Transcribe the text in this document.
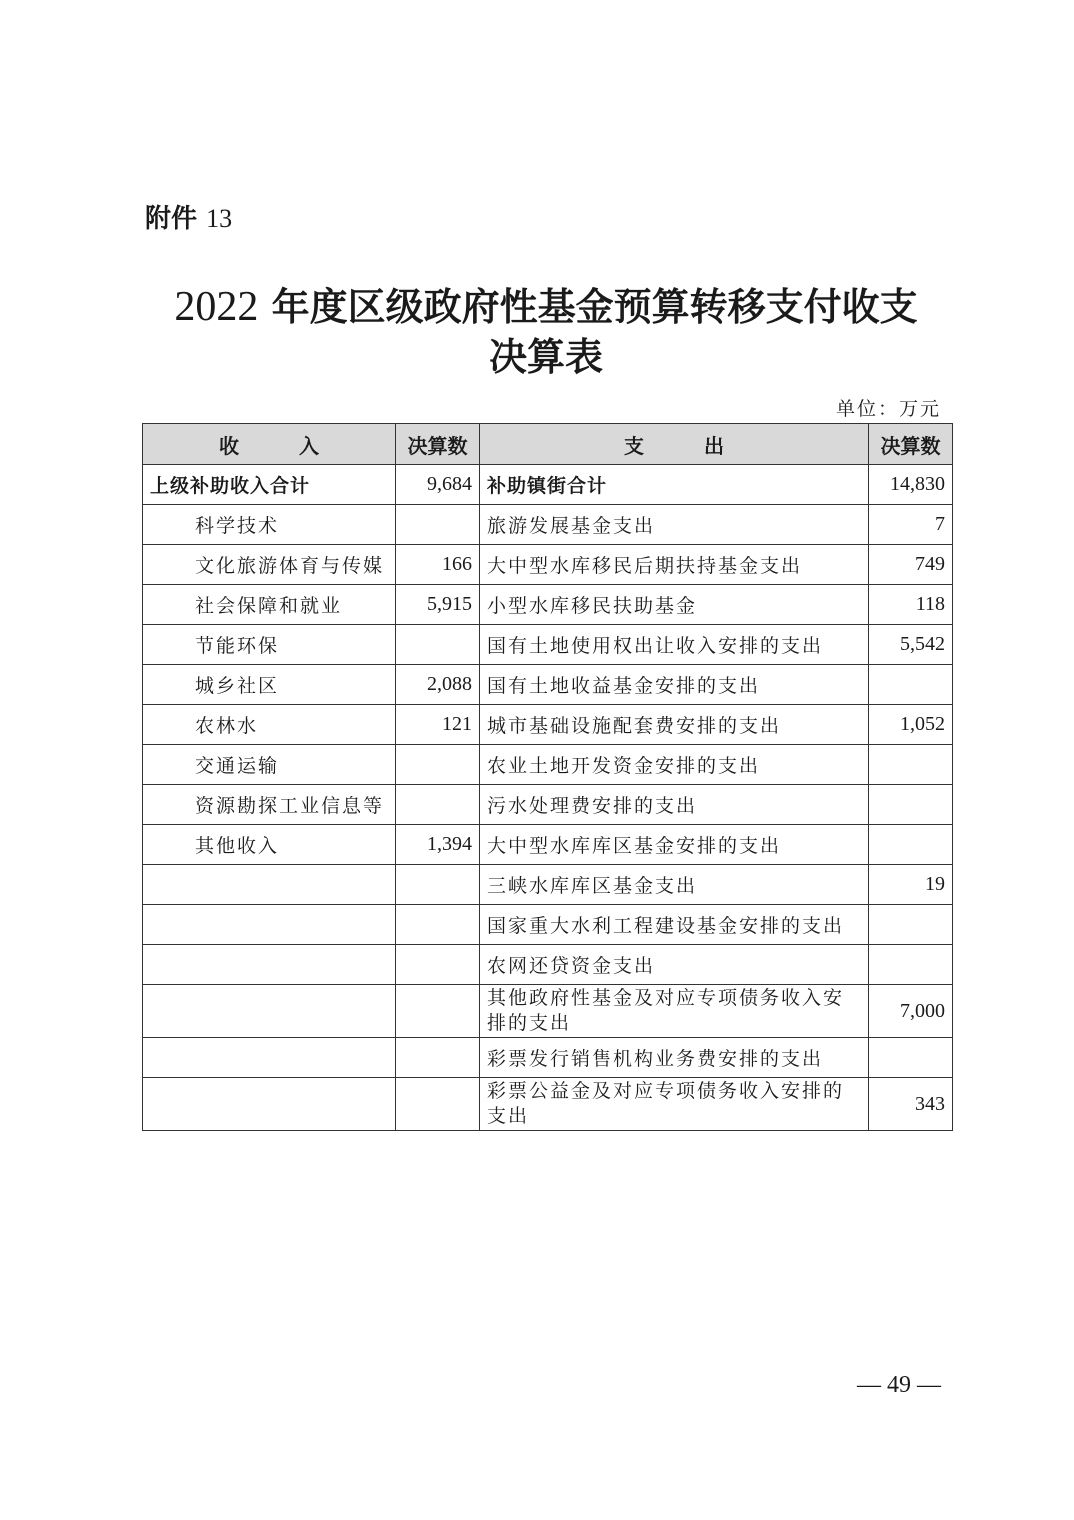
附件 13
2022 年度区级政府性基金预算转移支付收支
决算表
单位：万元
收　　　入	决算数	支　　　出	决算数
上级补助收入合计	9,684	补助镇街合计	14,830
科学技术		旅游发展基金支出	7
文化旅游体育与传媒	166	大中型水库移民后期扶持基金支出	749
社会保障和就业	5,915	小型水库移民扶助基金	118
节能环保		国有土地使用权出让收入安排的支出	5,542
城乡社区	2,088	国有土地收益基金安排的支出	
农林水	121	城市基础设施配套费安排的支出	1,052
交通运输		农业土地开发资金安排的支出	
资源勘探工业信息等		污水处理费安排的支出	
其他收入	1,394	大中型水库库区基金安排的支出	
		三峡水库库区基金支出	19
		国家重大水利工程建设基金安排的支出	
		农网还贷资金支出	
		其他政府性基金及对应专项债务收入安排的支出	7,000
		彩票发行销售机构业务费安排的支出	
		彩票公益金及对应专项债务收入安排的支出	343
— 49 —
